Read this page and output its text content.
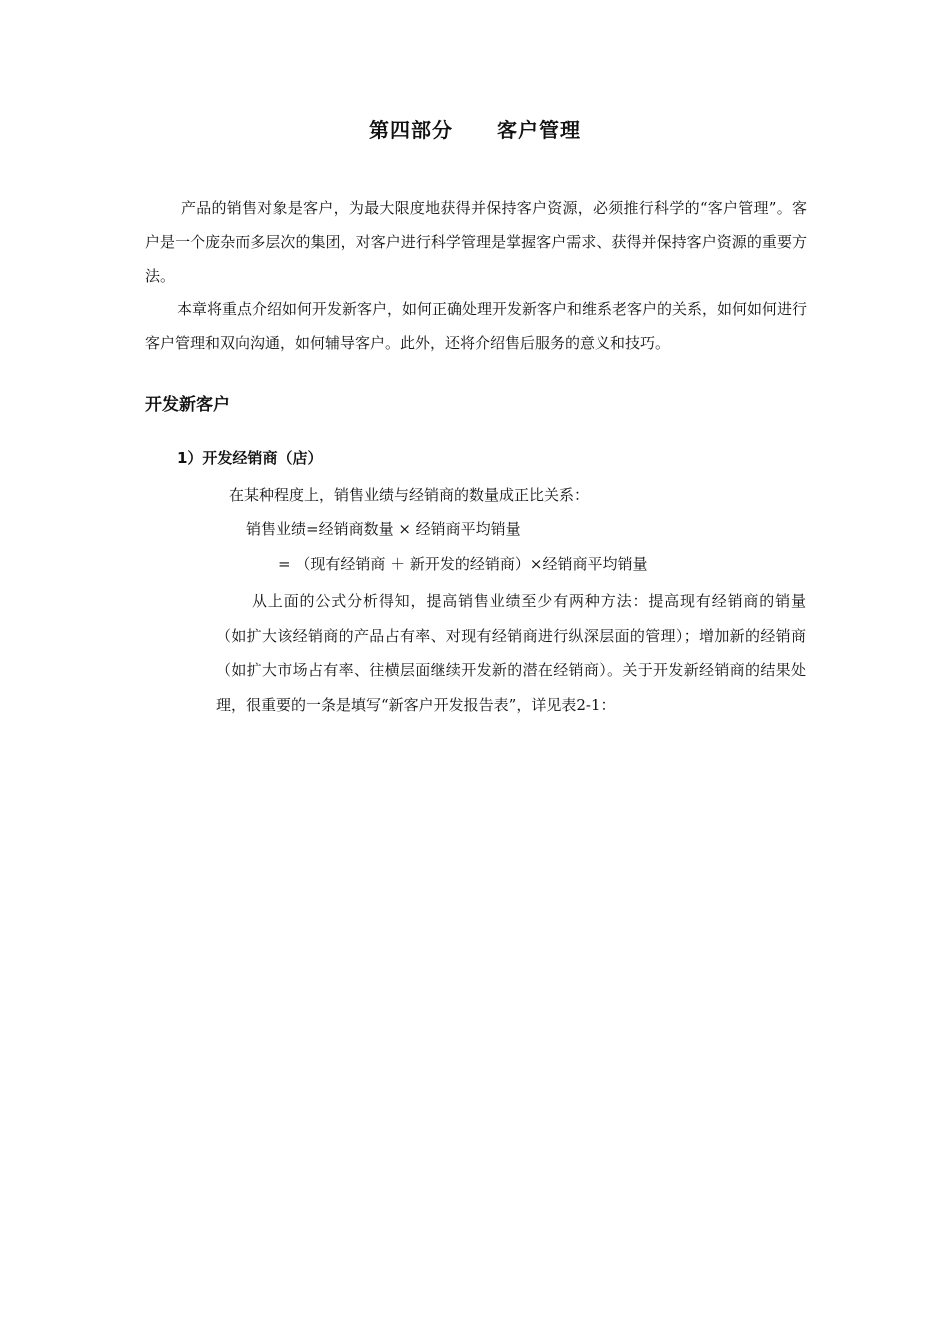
第四部分 客户管理
产品的销售对象是客户，为最大限度地获得并保持客户资源，必须推行科学的“客户管理”。客户是一个庞杂而多层次的集团，对客户进行科学管理是掌握客户需求、获得并保持客户资源的重要方法。
本章将重点介绍如何开发新客户，如何正确处理开发新客户和维系老客户的关系，如何如何进行客户管理和双向沟通，如何辅导客户。此外，还将介绍售后服务的意义和技巧。
开发新客户
1）开发经销商（店）
在某种程度上，销售业绩与经销商的数量成正比关系：
销售业绩=经销商数量 × 经销商平均销量
= （现有经销商 ＋ 新开发的经销商）×经销商平均销量
从上面的公式分析得知，提高销售业绩至少有两种方法：提高现有经销商的销量（如扩大该经销商的产品占有率、对现有经销商进行纵深层面的管理）；增加新的经销商（如扩大市场占有率、往横层面继续开发新的潜在经销商）。关于开发新经销商的结果处理，很重要的一条是填写“新客户开发报告表”，详见表2-1：
